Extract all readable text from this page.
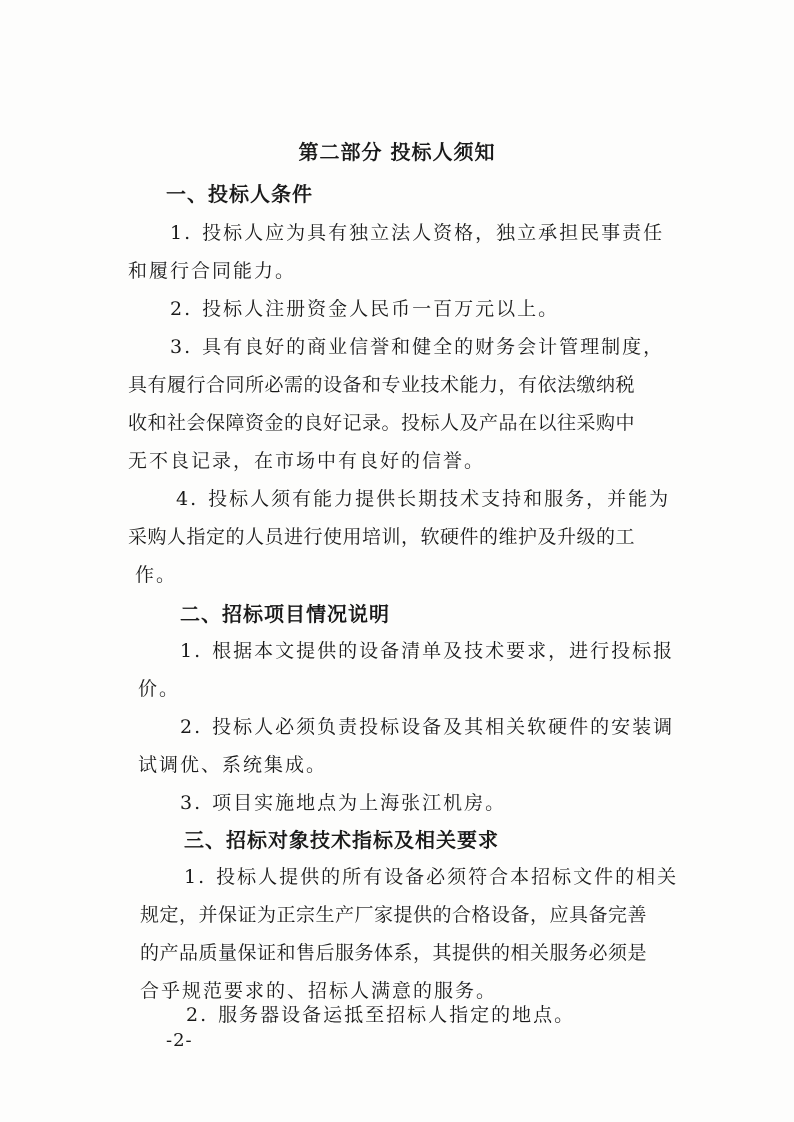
第二部分 投标人须知
一、投标人条件
1. 投标人应为具有独立法人资格，独立承担民事责任
和履行合同能力。
2. 投标人注册资金人民币一百万元以上。
3. 具有良好的商业信誉和健全的财务会计管理制度，
具有履行合同所必需的设备和专业技术能力，有依法缴纳税
收和社会保障资金的良好记录。投标人及产品在以往采购中
无不良记录，在市场中有良好的信誉。
4. 投标人须有能力提供长期技术支持和服务，并能为
采购人指定的人员进行使用培训，软硬件的维护及升级的工
作。
二、招标项目情况说明
1. 根据本文提供的设备清单及技术要求，进行投标报
价。
2. 投标人必须负责投标设备及其相关软硬件的安装调
试调优、系统集成。
3. 项目实施地点为上海张江机房。
三、招标对象技术指标及相关要求
1. 投标人提供的所有设备必须符合本招标文件的相关
规定，并保证为正宗生产厂家提供的合格设备，应具备完善
的产品质量保证和售后服务体系，其提供的相关服务必须是
合乎规范要求的、招标人满意的服务。
2. 服务器设备运抵至招标人指定的地点。
-2-
